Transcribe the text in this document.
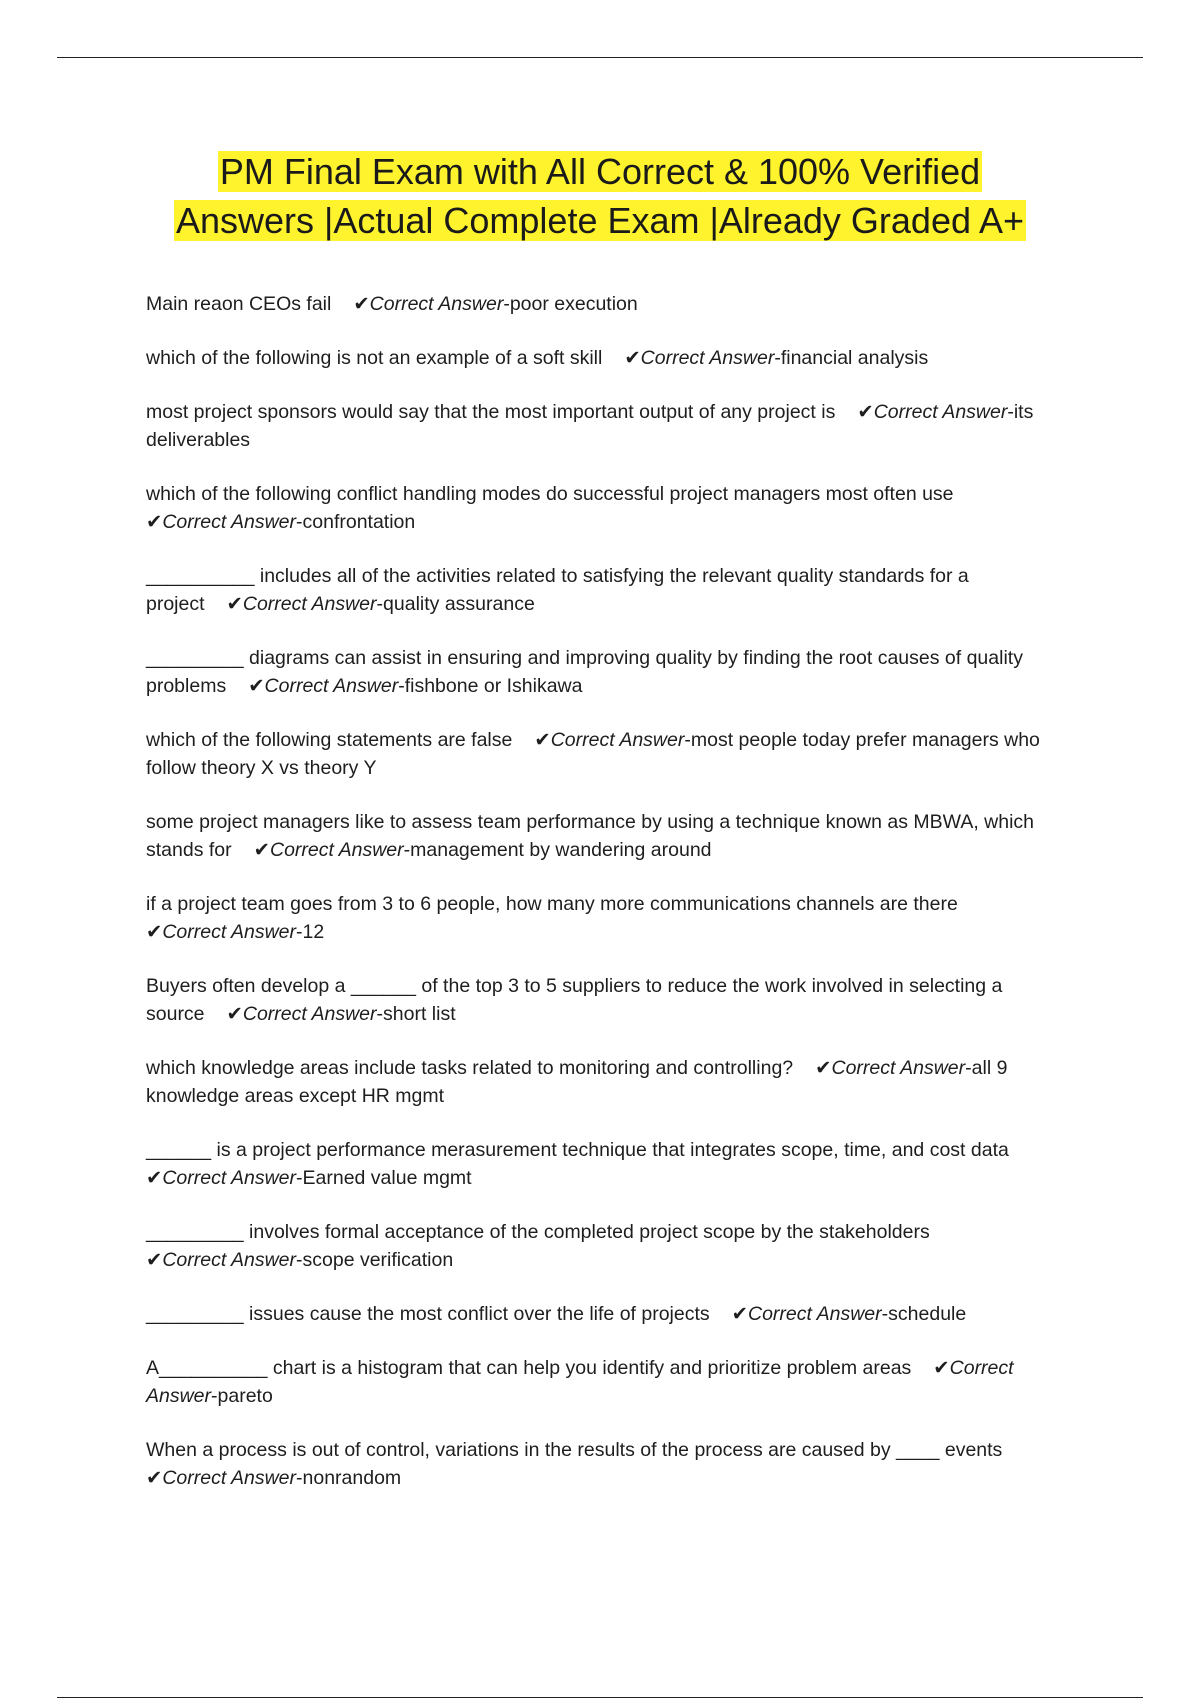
PM Final Exam with All Correct & 100% Verified
Answers |Actual Complete Exam |Already Graded A+
Main reaon CEOs fail ✔Correct Answer-poor execution
which of the following is not an example of a soft skill ✔Correct Answer-financial analysis
most project sponsors would say that the most important output of any project is ✔Correct Answer-its deliverables
which of the following conflict handling modes do successful project managers most often use
✔Correct Answer-confrontation
__________ includes all of the activities related to satisfying the relevant quality standards for a project ✔Correct Answer-quality assurance
_________ diagrams can assist in ensuring and improving quality by finding the root causes of quality problems ✔Correct Answer-fishbone or Ishikawa
which of the following statements are false ✔Correct Answer-most people today prefer managers who follow theory X vs theory Y
some project managers like to assess team performance by using a technique known as MBWA, which stands for ✔Correct Answer-management by wandering around
if a project team goes from 3 to 6 people, how many more communications channels are there
✔Correct Answer-12
Buyers often develop a ______ of the top 3 to 5 suppliers to reduce the work involved in selecting a source ✔Correct Answer-short list
which knowledge areas include tasks related to monitoring and controlling? ✔Correct Answer-all 9 knowledge areas except HR mgmt
______ is a project performance merasurement technique that integrates scope, time, and cost data
✔Correct Answer-Earned value mgmt
_________ involves formal acceptance of the completed project scope by the stakeholders
✔Correct Answer-scope verification
_________ issues cause the most conflict over the life of projects ✔Correct Answer-schedule
A__________ chart is a histogram that can help you identify and prioritize problem areas ✔Correct Answer-pareto
When a process is out of control, variations in the results of the process are caused by ____ events
✔Correct Answer-nonrandom
